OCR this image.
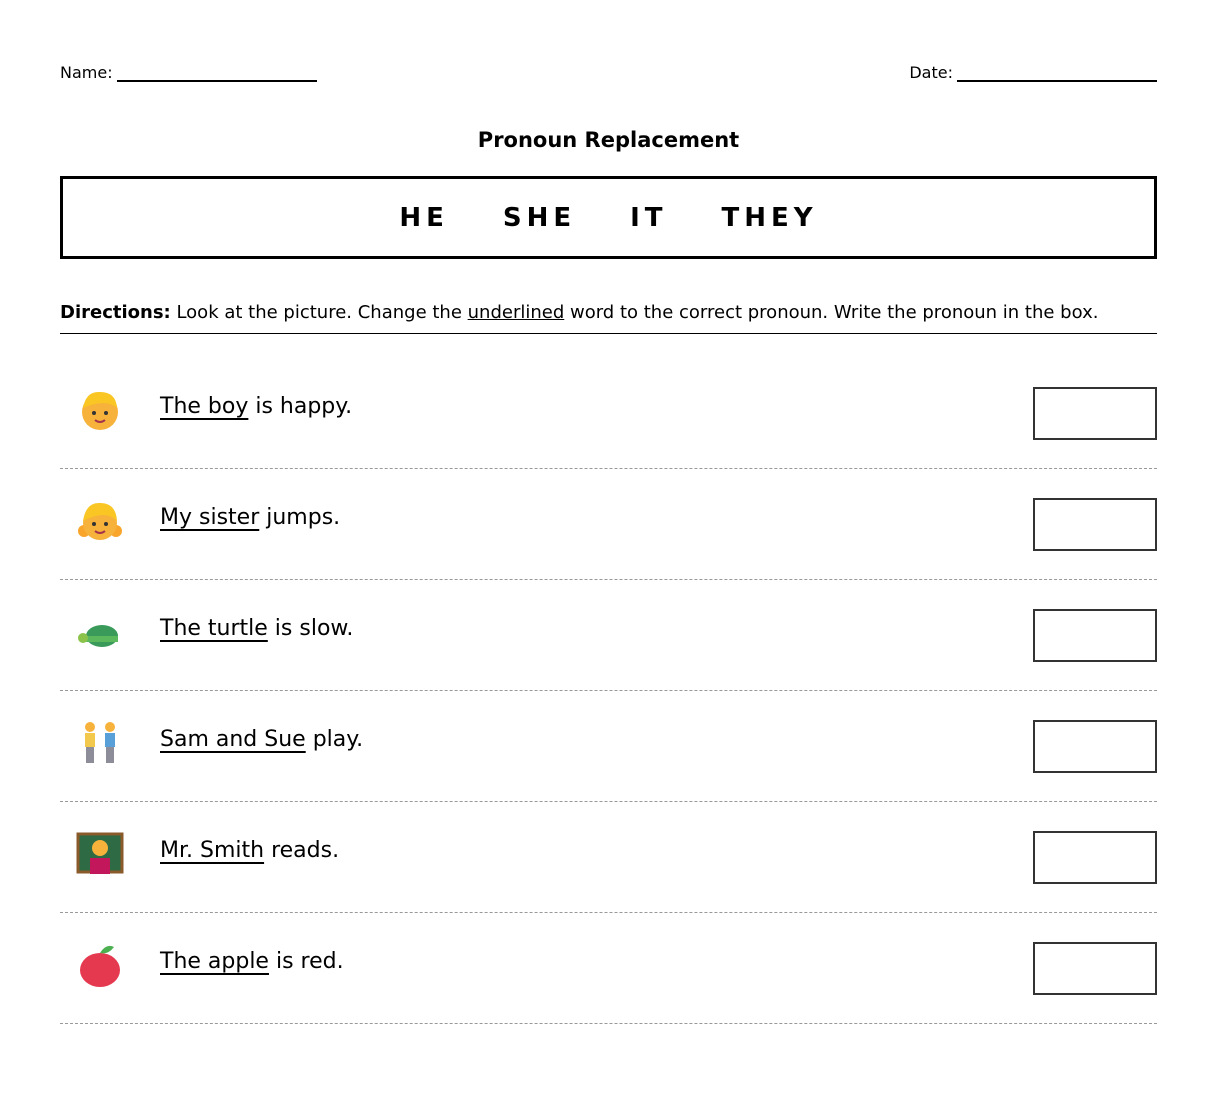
Name:	Date:
Pronoun Replacement
HE SHE IT THEY
Directions: Look at the picture. Change the underlined word to the correct pronoun. Write the pronoun in the box.
The boy is happy.
My sister jumps.
The turtle is slow.
Sam and Sue play.
Mr. Smith reads.
The apple is red.
